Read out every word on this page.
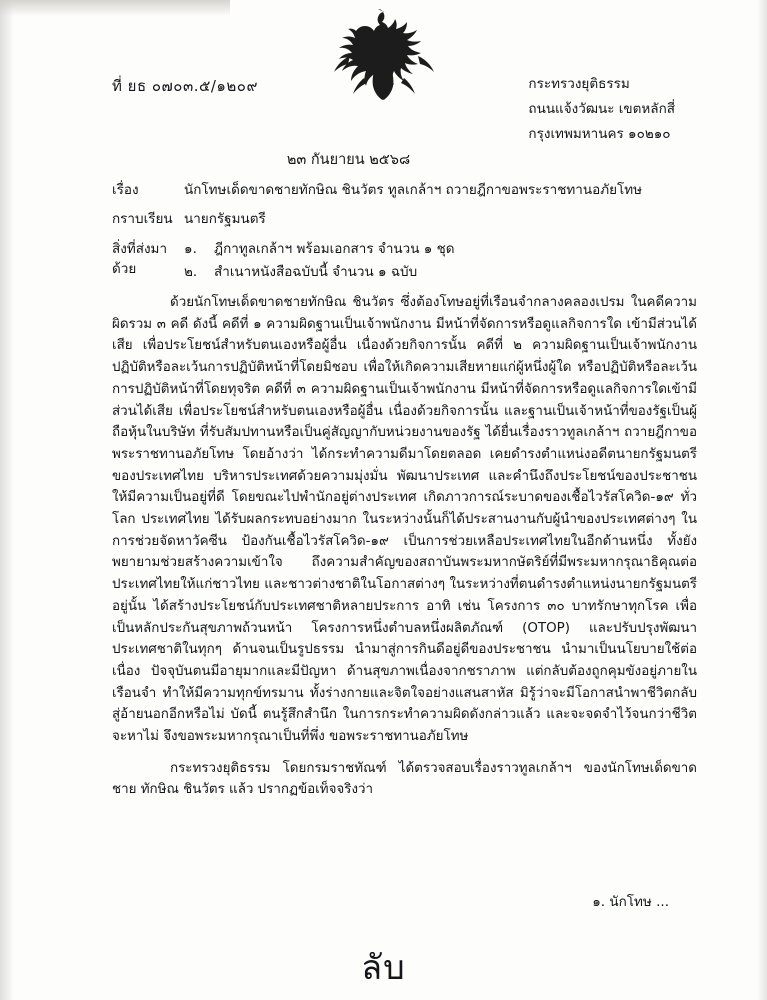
ที่ ยธ ๐๗๐๓.๕/๑๒๐๙	กระทรวงยุติธรรม
ถนนแจ้งวัฒนะ เขตหลักสี่
กรุงเทพมหานคร ๑๐๒๑๐
๒๓ กันยายน ๒๕๖๘
เรื่อง	นักโทษเด็ดขาดชายทักษิณ ชินวัตร ทูลเกล้าฯ ถวายฎีกาขอพระราชทานอภัยโทษ
กราบเรียน นายกรัฐมนตรี
สิ่งที่ส่งมาด้วย
๑.	ฎีกาทูลเกล้าฯ พร้อมเอกสาร จำนวน ๑ ชุด
๒.	สำเนาหนังสือฉบับนี้ จำนวน ๑ ฉบับ

ด้วยนักโทษเด็ดขาดชายทักษิณ ชินวัตร ซึ่งต้องโทษอยู่ที่เรือนจำกลางคลองเปรม ในคดีความผิดรวม ๓ คดี ดังนี้ คดีที่ ๑ ความผิดฐานเป็นเจ้าพนักงาน มีหน้าที่จัดการหรือดูแลกิจการใด เข้ามีส่วนได้เสีย เพื่อประโยชน์สำหรับตนเองหรือผู้อื่น เนื่องด้วยกิจการนั้น คดีที่ ๒ ความผิดฐานเป็นเจ้าพนักงาน ปฏิบัติหรือละเว้นการปฏิบัติหน้าที่โดยมิชอบ เพื่อให้เกิดความเสียหายแก่ผู้หนึ่งผู้ใด หรือปฏิบัติหรือละเว้นการปฏิบัติหน้าที่โดยทุจริต คดีที่ ๓ ความผิดฐานเป็นเจ้าพนักงาน มีหน้าที่จัดการหรือดูแลกิจการใดเข้ามีส่วนได้เสีย เพื่อประโยชน์สำหรับตนเองหรือผู้อื่น เนื่องด้วยกิจการนั้น และฐานเป็นเจ้าหน้าที่ของรัฐเป็นผู้ถือหุ้นในบริษัท ที่รับสัมปทานหรือเป็นคู่สัญญากับหน่วยงานของรัฐ ได้ยื่นเรื่องราวทูลเกล้าฯ ถวายฎีกาขอพระราชทานอภัยโทษ โดยอ้างว่า ได้กระทำความดีมาโดยตลอด เคยดำรงตำแหน่งอดีตนายกรัฐมนตรีของประเทศไทย บริหารประเทศด้วยความมุ่งมั่น พัฒนาประเทศ และคำนึงถึงประโยชน์ของประชาชนให้มีความเป็นอยู่ที่ดี โดยขณะไปพำนักอยู่ต่างประเทศ เกิดภาวการณ์ระบาดของเชื้อไวรัสโควิด-๑๙ ทั่วโลก ประเทศไทย ได้รับผลกระทบอย่างมาก ในระหว่างนั้นก็ได้ประสานงานกับผู้นำของประเทศต่างๆ ในการช่วยจัดหาวัคซีน ป้องกันเชื้อไวรัสโควิด-๑๙ เป็นการช่วยเหลือประเทศไทยในอีกด้านหนึ่ง ทั้งยังพยายามช่วยสร้างความเข้าใจ ถึงความสำคัญของสถาบันพระมหากษัตริย์ที่มีพระมหากรุณาธิคุณต่อประเทศไทยให้แก่ชาวไทย และชาวต่างชาติในโอกาสต่างๆ ในระหว่างที่ตนดำรงตำแหน่งนายกรัฐมนตรีอยู่นั้น ได้สร้างประโยชน์กับประเทศชาติหลายประการ อาทิ เช่น โครงการ ๓๐ บาทรักษาทุกโรค เพื่อเป็นหลักประกันสุขภาพถ้วนหน้า โครงการหนึ่งตำบลหนึ่งผลิตภัณฑ์ (OTOP) และปรับปรุงพัฒนาประเทศชาติในทุกๆ ด้านจนเป็นรูปธรรม นำมาสู่การกินดีอยู่ดีของประชาชน นำมาเป็นนโยบายใช้ต่อเนื่อง ปัจจุบันตนมีอายุมากและมีปัญหา ด้านสุขภาพเนื่องจากชราภาพ แต่กลับต้องถูกคุมขังอยู่ภายในเรือนจำ ทำให้มีความทุกข์ทรมาน ทั้งร่างกายและจิตใจอย่างแสนสาหัส มิรู้ว่าจะมีโอกาสนำพาชีวิตกลับสู่อ้ายนอกอีกหรือไม่ บัดนี้ ตนรู้สึกสำนึก ในการกระทำความผิดดังกล่าวแล้ว และจะจดจำไว้จนกว่าชีวิตจะหาไม่ จึงขอพระมหากรุณาเป็นที่พึ่ง ขอพระราชทานอภัยโทษ

กระทรวงยุติธรรม โดยกรมราชทัณฑ์ ได้ตรวจสอบเรื่องราวทูลเกล้าฯ ของนักโทษเด็ดขาดชาย ทักษิณ ชินวัตร แล้ว ปรากฏข้อเท็จจริงว่า

๑. นักโทษ ...
ลับ
